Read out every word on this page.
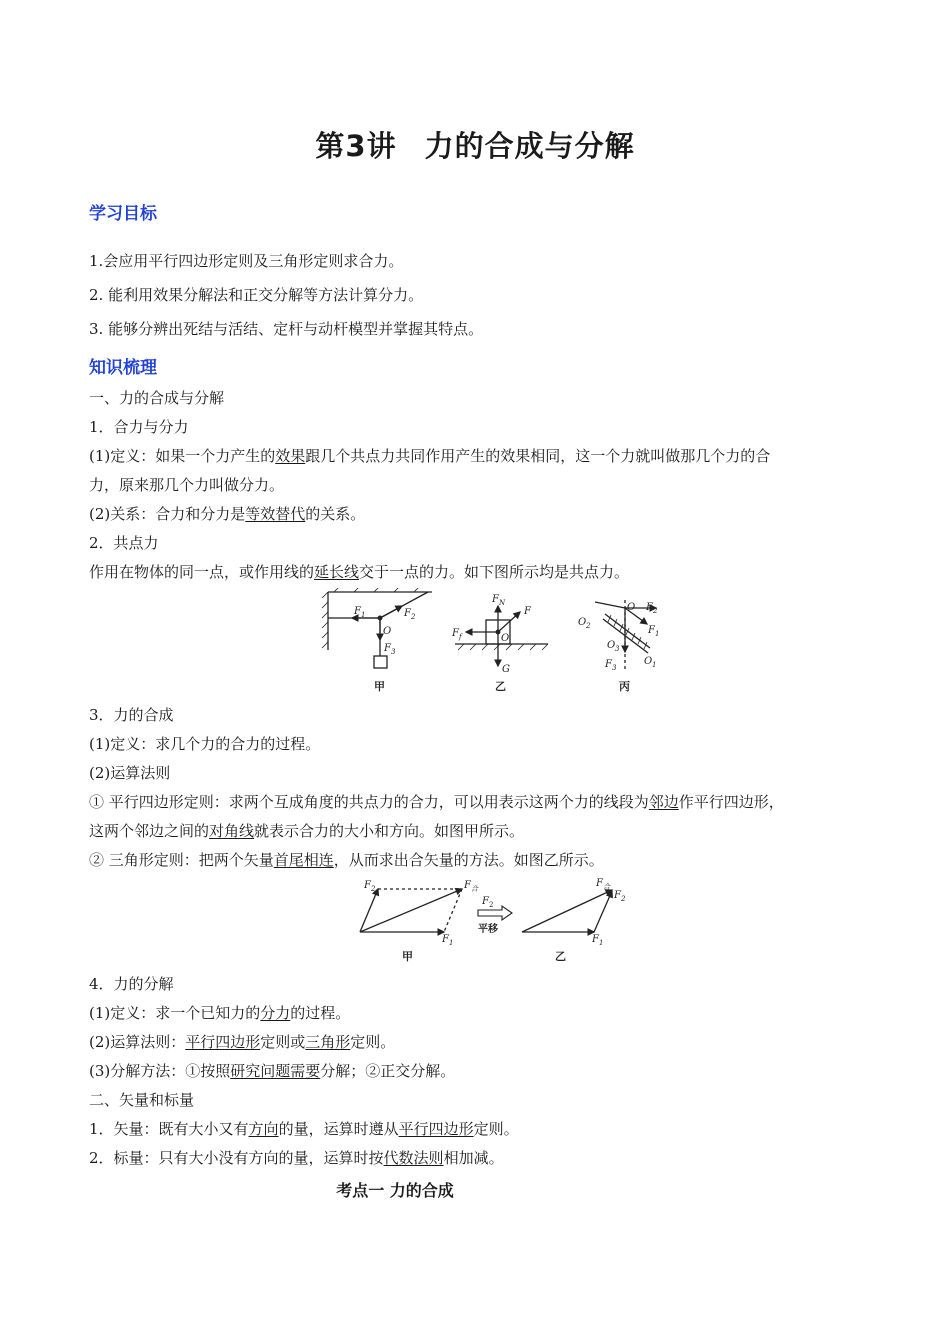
第3讲 力的合成与分解
学习目标
1.会应用平行四边形定则及三角形定则求合力。
2. 能利用效果分解法和正交分解等方法计算分力。
3. 能够分辨出死结与活结、定杆与动杆模型并掌握其特点。
知识梳理
一、力的合成与分解
1．合力与分力
(1)定义：如果一个力产生的效果跟几个共点力共同作用产生的效果相同，这一个力就叫做那几个力的合
力，原来那几个力叫做分力。
(2)关系：合力和分力是等效替代的关系。
2．共点力
作用在物体的同一点，或作用线的延长线交于一点的力。如下图所示均是共点力。
F 1	F 2
O
F 3
甲
F N
F
F f	O
G
乙
O F 2
F 1
O 2
O 3
F 3
O 1
丙
3．力的合成
(1)定义：求几个力的合力的过程。
(2)运算法则
① 平行四边形定则：求两个互成角度的共点力的合力，可以用表示这两个力的线段为邻边作平行四边形，
这两个邻边之间的对角线就表示合力的大小和方向。如图甲所示。
② 三角形定则：把两个矢量首尾相连，从而求出合矢量的方法。如图乙所示。
F 2	F 合
F 1
甲
F 2
平移
F 合
F 2
F 1
乙
4．力的分解
(1)定义：求一个已知力的分力的过程。
(2)运算法则：平行四边形定则或三角形定则。
(3)分解方法：①按照研究问题需要分解；②正交分解。
二、矢量和标量
1．矢量：既有大小又有方向的量，运算时遵从平行四边形定则。
2．标量：只有大小没有方向的量，运算时按代数法则相加减。
考点一 力的合成
